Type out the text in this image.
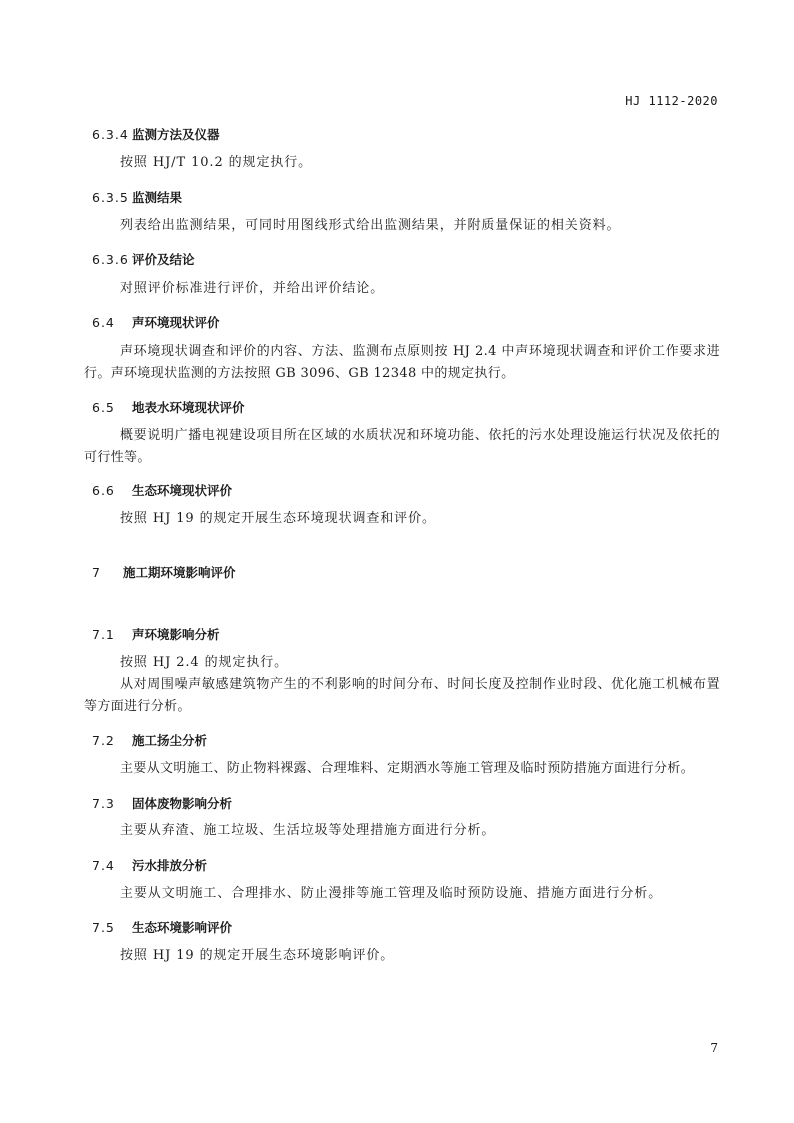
HJ 1112-2020
6.3.4 监测方法及仪器

按照 HJ/T 10.2 的规定执行。

6.3.5 监测结果

列表给出监测结果，可同时用图线形式给出监测结果，并附质量保证的相关资料。

6.3.6 评价及结论

对照评价标准进行评价，并给出评价结论。

6.4 声环境现状评价

声环境现状调查和评价的内容、方法、监测布点原则按 HJ 2.4 中声环境现状调查和评价工作要求进行。声环境现状监测的方法按照 GB 3096、GB 12348 中的规定执行。

6.5 地表水环境现状评价

概要说明广播电视建设项目所在区域的水质状况和环境功能、依托的污水处理设施运行状况及依托的可行性等。

6.6 生态环境现状评价

按照 HJ 19 的规定开展生态环境现状调查和评价。

7 施工期环境影响评价
7.1 声环境影响分析

按照 HJ 2.4 的规定执行。

从对周围噪声敏感建筑物产生的不利影响的时间分布、时间长度及控制作业时段、优化施工机械布置等方面进行分析。

7.2 施工扬尘分析

主要从文明施工、防止物料裸露、合理堆料、定期洒水等施工管理及临时预防措施方面进行分析。

7.3 固体废物影响分析

主要从弃渣、施工垃圾、生活垃圾等处理措施方面进行分析。

7.4 污水排放分析

主要从文明施工、合理排水、防止漫排等施工管理及临时预防设施、措施方面进行分析。

7.5 生态环境影响评价

按照 HJ 19 的规定开展生态环境影响评价。

7
